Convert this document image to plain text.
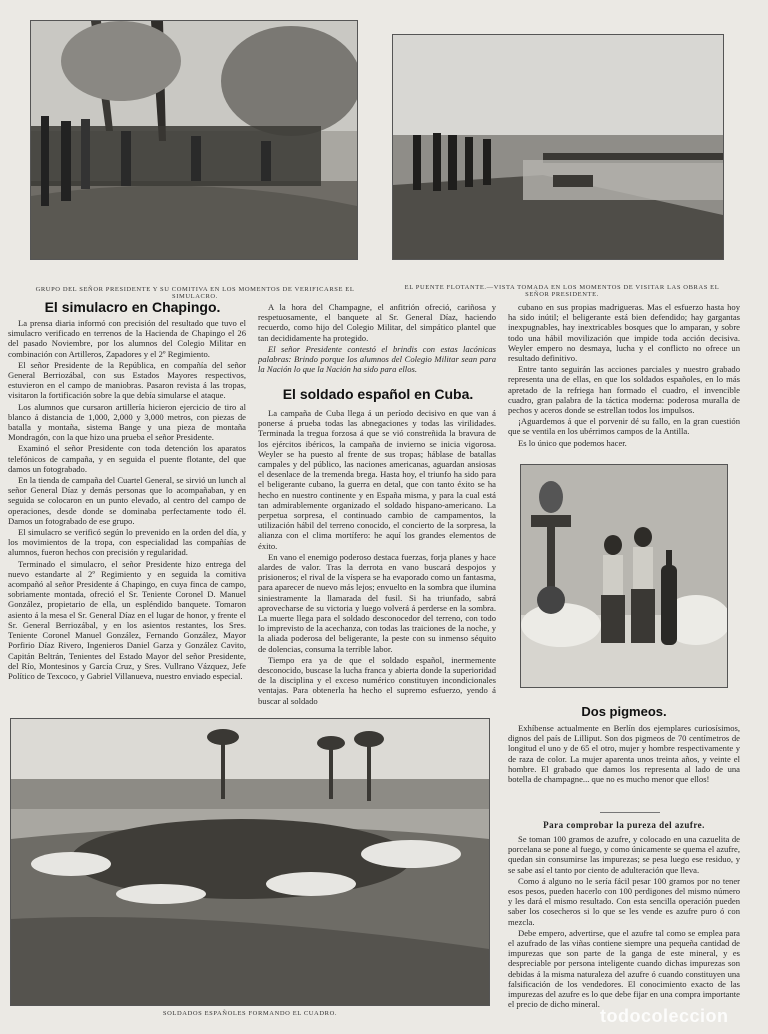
GRUPO DEL SEÑOR PRESIDENTE Y SU COMITIVA EN LOS MOMENTOS DE VERIFICARSE EL SIMULACRO.
EL PUENTE FLOTANTE.—VISTA TOMADA EN LOS MOMENTOS DE VISITAR LAS OBRAS EL SEÑOR PRESIDENTE.
El simulacro en Chapingo.

La prensa diaria informó con precisión del resultado que tuvo el simulacro verificado en terrenos de la Hacienda de Chapingo el 26 del pasado Noviembre, por los alumnos del Colegio Militar en combinación con Artilleros, Zapadores y el 2º Regimiento.

El señor Presidente de la República, en compañía del señor General Berriozábal, con sus Estados Mayores respectivos, estuvieron en el campo de maniobras. Pasaron revista á las tropas, visitaron la fortificación sobre la que debía simularse el ataque.

Los alumnos que cursaron artillería hicieron ejercicio de tiro al blanco á distancia de 1,000, 2,000 y 3,000 metros, con piezas de batalla y montaña, sistema Bange y una pieza de montaña Mondragón, con la que hizo una prueba el señor Presidente.

Examinó el señor Presidente con toda detención los aparatos telefónicos de campaña, y en seguida el puente flotante, del que damos un fotograbado.

En la tienda de campaña del Cuartel General, se sirvió un lunch al señor General Díaz y demás personas que lo acompañaban, y en seguida se colocaron en un punto elevado, al centro del campo de operaciones, desde donde se dominaba perfectamente todo él. Damos un fotograbado de ese grupo.

El simulacro se verificó según lo prevenido en la orden del día, y los movimientos de la tropa, con especialidad las compañías de alumnos, fueron hechos con precisión y regularidad.

Terminado el simulacro, el señor Presidente hizo entrega del nuevo estandarte al 2º Regimiento y en seguida la comitiva acompañó al señor Presidente á Chapingo, en cuya finca de campo, sobriamente montada, ofreció el Sr. Teniente Coronel D. Manuel González, propietario de ella, un espléndido banquete. Tomaron asiento á la mesa el Sr. General Díaz en el lugar de honor, y frente el Sr. General Berriozábal, y en los asientos restantes, los Sres. Teniente Coronel Manuel González, Fernando González, Mayor Porfirio Díaz Rivero, Ingenieros Daniel Garza y González Cavito, Capitán Beltrán, Tenientes del Estado Mayor del señor Presidente, del Río, Montesinos y García Cruz, y Sres. Vullrano Vázquez, Jefe Político de Texcoco, y Gabriel Villanueva, nuestro enviado especial.

A la hora del Champagne, el anfitrión ofreció, cariñosa y respetuosamente, el banquete al Sr. General Díaz, haciendo recuerdo, como hijo del Colegio Militar, del simpático plantel que tan decididamente ha protegido.

El señor Presidente contestó el brindis con estas lacónicas palabras: Brindo porque los alumnos del Colegio Militar sean para la Nación lo que la Nación ha sido para ellos.

El soldado español en Cuba.

La campaña de Cuba llega á un período decisivo en que van á ponerse á prueba todas las abnegaciones y todas las virilidades. Terminada la tregua forzosa á que se vió constreñida la bravura de los ejércitos ibéricos, la campaña de invierno se inicia vigorosa. Weyler se ha puesto al frente de sus tropas; háblase de batallas campales y del público, las naciones americanas, aguardan ansiosas el desenlace de la tremenda brega. Hasta hoy, el triunfo ha sido para el beligerante cubano, la guerra en detal, que con tanto éxito se ha hecho en nuestro continente y en España misma, y para la cual está tan admirablemente organizado el soldado hispano-americano. La perpetua sorpresa, el continuado cambio de campamentos, la utilización hábil del terreno conocido, el concierto de la sorpresa, la alianza con el clima mortífero: he aquí los grandes elementos de éxito.

En vano el enemigo poderoso destaca fuerzas, forja planes y hace alardes de valor. Tras la derrota en vano buscará despojos y prisioneros; el rival de la víspera se ha evaporado como un fantasma, para aparecer de nuevo más lejos; envuelto en la sombra que ilumina siniestramente la llamarada del fusil. Si ha triunfado, sabrá aprovecharse de su victoria y luego volverá á perderse en la sombra. La muerte llega para el soldado desconocedor del terreno, con todo lo imprevisto de la acechanza, con todas las traiciones de la noche, y la aliada poderosa del beligerante, la peste con su inmenso séquito de dolencias, consuma la terrible labor.

Tiempo era ya de que el soldado español, inermemente desconocido, buscase la lucha franca y abierta donde la superioridad de la disciplina y el exceso numérico constituyen incondicionales ventajas. Para obtenerla ha hecho el supremo esfuerzo, yendo á buscar al soldado

cubano en sus propias madrigueras. Mas el esfuerzo hasta hoy ha sido inútil; el beligerante está bien defendido; hay gargantas inexpugnables, hay inextricables bosques que lo amparan, y sobre todo una hábil movilización que impide toda acción decisiva. Weyler empero no desmaya, lucha y el conflicto no ofrece un resultado definitivo.

Entre tanto seguirán las acciones parciales y nuestro grabado representa una de ellas, en que los soldados españoles, en lo más apretado de la refriega han formado el cuadro, el invencible cuadro, gran palabra de la táctica moderna: poderosa muralla de pechos y aceros donde se estrellan todos los impulsos.

¡Aguardemos á que el porvenir dé su fallo, en la gran cuestión que se ventila en los ubérrimos campos de la Antilla.

Es lo único que podemos hacer.

Dos pigmeos.

Exhíbense actualmente en Berlín dos ejemplares curiosísimos, dignos del país de Lilliput. Son dos pigmeos de 70 centímetros de longitud el uno y de 65 el otro, mujer y hombre respectivamente y de raza de color. La mujer aparenta unos treinta años, y veinte el hombre. El grabado que damos los representa al lado de una botella de champagne... que no es mucho menor que ellos!

Para comprobar la pureza del azufre.

Se toman 100 gramos de azufre, y colocado en una cazuelita de porcelana se pone al fuego, y como únicamente se quema el azufre, quedan sin consumirse las impurezas; se pesa luego ese residuo, y se sabe así el tanto por ciento de adulteración que lleva.

Como á alguno no le sería fácil pesar 100 gramos por no tener esos pesos, pueden hacerlo con 100 perdigones del mismo número y les dará el mismo resultado. Con esta sencilla operación pueden saber los cosecheros si lo que se les vende es azufre puro ó con mezcla.

Debe empero, advertirse, que el azufre tal como se emplea para el azufrado de las viñas contiene siempre una pequeña cantidad de impurezas que son parte de la ganga de este mineral, y es despreciable por persona inteligente cuando dichas impurezas son debidas á la misma naturaleza del azufre ó cuando constituyen una falsificación de los vendedores. El conocimiento exacto de las impurezas del azufre es lo que debe fijar en una compra importante el precio de dicho mineral.

SOLDADOS ESPAÑOLES FORMANDO EL CUADRO.	todocoleccion
